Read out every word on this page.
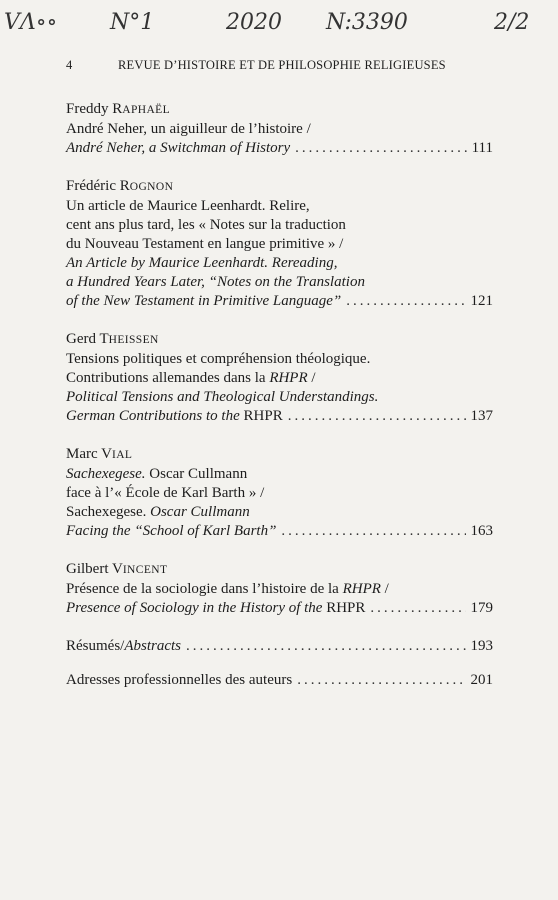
VΛ∘∘ N°1	2020 N:3390	2/2
4	REVUE D’HISTOIRE ET DE PHILOSOPHIE RELIGIEUSES
Freddy RAPHAËL
André Neher, un aiguilleur de l’histoire /
André Neher, a Switchman of History .....	111
Frédéric ROGNON
Un article de Maurice Leenhardt. Relire,
cent ans plus tard, les « Notes sur la traduction
du Nouveau Testament en langue primitive » /
An Article by Maurice Leenhardt. Rereading,
a Hundred Years Later, “Notes on the Translation
of the New Testament in Primitive Language” .....	121
Gerd THEISSEN
Tensions politiques et compréhension théologique.
Contributions allemandes dans la RHPR /
Political Tensions and Theological Understandings.
German Contributions to the RHPR .....	137
Marc VIAL
Sachexegese. Oscar Cullmann
face à l’« École de Karl Barth » /
Sachexegese. Oscar Cullmann
Facing the “School of Karl Barth” .....	163
Gilbert VINCENT
Présence de la sociologie dans l’histoire de la RHPR /
Presence of Sociology in the History of the RHPR .....	179
Résumés/Abstracts .....	193
Adresses professionnelles des auteurs .....	201
